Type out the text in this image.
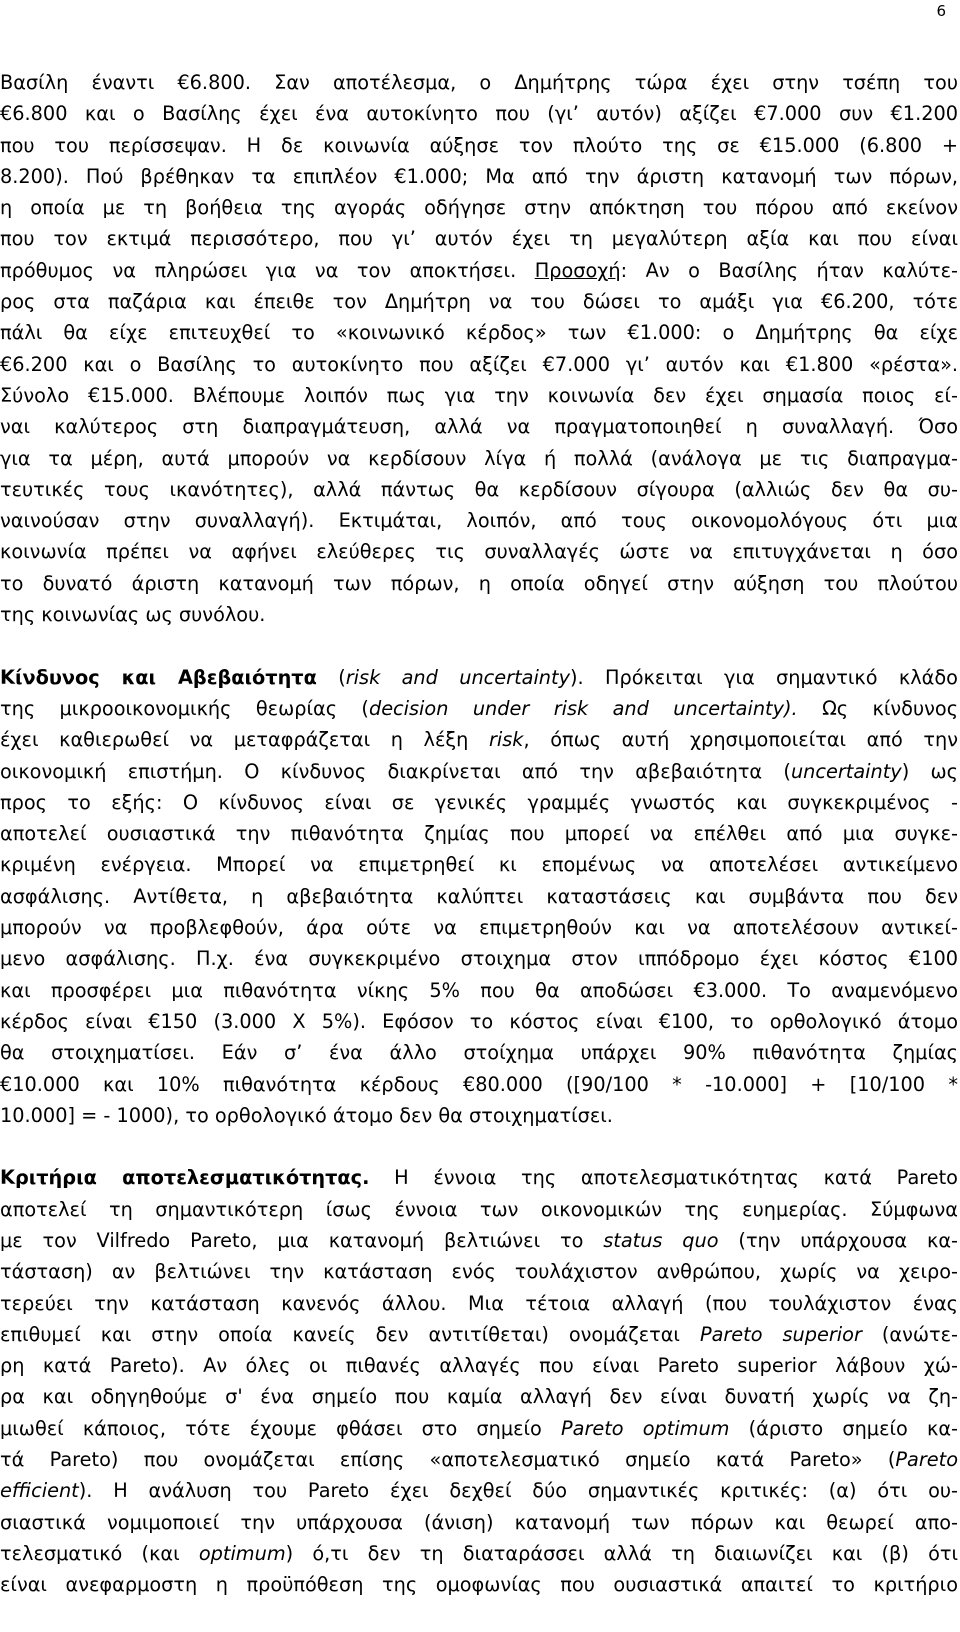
6
Βασίλη έναντι €6.800. Σαν αποτέλεσμα, ο Δημήτρης τώρα έχει στην τσέπη του
€6.800 και ο Βασίλης έχει ένα αυτοκίνητο που (γι’ αυτόν) αξίζει €7.000 συν €1.200
που του περίσσεψαν. Η δε κοινωνία αύξησε τον πλούτο της σε €15.000 (6.800 +
8.200). Πού βρέθηκαν τα επιπλέον €1.000; Μα από την άριστη κατανομή των πόρων,
η οποία με τη βοήθεια της αγοράς οδήγησε στην απόκτηση του πόρου από εκείνον
που τον εκτιμά περισσότερο, που γι’ αυτόν έχει τη μεγαλύτερη αξία και που είναι
πρόθυμος να πληρώσει για να τον αποκτήσει. Προσοχή: Αν ο Βασίλης ήταν καλύτε-
ρος στα παζάρια και έπειθε τον Δημήτρη να του δώσει το αμάξι για €6.200, τότε
πάλι θα είχε επιτευχθεί το «κοινωνικό κέρδος» των €1.000: ο Δημήτρης θα είχε
€6.200 και ο Βασίλης το αυτοκίνητο που αξίζει €7.000 γι’ αυτόν και €1.800 «ρέστα».
Σύνολο €15.000. Βλέπουμε λοιπόν πως για την κοινωνία δεν έχει σημασία ποιος εί-
ναι καλύτερος στη διαπραγμάτευση, αλλά να πραγματοποιηθεί η συναλλαγή. Όσο
για τα μέρη, αυτά μπορούν να κερδίσουν λίγα ή πολλά (ανάλογα με τις διαπραγμα-
τευτικές τους ικανότητες), αλλά πάντως θα κερδίσουν σίγουρα (αλλιώς δεν θα συ-
ναινούσαν στην συναλλαγή). Εκτιμάται, λοιπόν, από τους οικονομολόγους ότι μια
κοινωνία πρέπει να αφήνει ελεύθερες τις συναλλαγές ώστε να επιτυγχάνεται η όσο
το δυνατό άριστη κατανομή των πόρων, η οποία οδηγεί στην αύξηση του πλούτου
της κοινωνίας ως συνόλου.
Κίνδυνος και Αβεβαιότητα (risk and uncertainty). Πρόκειται για σημαντικό κλάδο
της μικροοικονομικής θεωρίας (decision under risk and uncertainty). Ως κίνδυνος
έχει καθιερωθεί να μεταφράζεται η λέξη risk, όπως αυτή χρησιμοποιείται από την
οικονομική επιστήμη. Ο κίνδυνος διακρίνεται από την αβεβαιότητα (uncertainty) ως
προς το εξής: Ο κίνδυνος είναι σε γενικές γραμμές γνωστός και συγκεκριμένος -
αποτελεί ουσιαστικά την πιθανότητα ζημίας που μπορεί να επέλθει από μια συγκε-
κριμένη ενέργεια. Μπορεί να επιμετρηθεί κι επομένως να αποτελέσει αντικείμενο
ασφάλισης. Αντίθετα, η αβεβαιότητα καλύπτει καταστάσεις και συμβάντα που δεν
μπορούν να προβλεφθούν, άρα ούτε να επιμετρηθούν και να αποτελέσουν αντικεί-
μενο ασφάλισης. Π.χ. ένα συγκεκριμένο στοιχημα στον ιππόδρομο έχει κόστος €100
και προσφέρει μια πιθανότητα νίκης 5% που θα αποδώσει €3.000. Το αναμενόμενο
κέρδος είναι €150 (3.000 Χ 5%). Εφόσον το κόστος είναι €100, το ορθολογικό άτομο
θα στοιχηματίσει. Εάν σ’ ένα άλλο στοίχημα υπάρχει 90% πιθανότητα ζημίας
€10.000 και 10% πιθανότητα κέρδους €80.000 ([90/100 * -10.000] + [10/100 *
10.000] = - 1000), το ορθολογικό άτομο δεν θα στοιχηματίσει.
Κριτήρια αποτελεσματικότητας. Η έννοια της αποτελεσματικότητας κατά Pareto
αποτελεί τη σημαντικότερη ίσως έννοια των οικονομικών της ευημερίας. Σύμφωνα
με τον Vilfredo Pareto, μια κατανομή βελτιώνει το status quo (την υπάρχουσα κα-
τάσταση) αν βελτιώνει την κατάσταση ενός τουλάχιστον ανθρώπου, χωρίς να χειρο-
τερεύει την κατάσταση κανενός άλλου. Μια τέτοια αλλαγή (που τουλάχιστον ένας
επιθυμεί και στην οποία κανείς δεν αντιτίθεται) ονομάζεται Pareto superior (ανώτε-
ρη κατά Pareto). Αν όλες οι πιθανές αλλαγές που είναι Pareto superior λάβουν χώ-
ρα και οδηγηθούμε σ' ένα σημείο που καμία αλλαγή δεν είναι δυνατή χωρίς να ζη-
μιωθεί κάποιος, τότε έχουμε φθάσει στο σημείο Pareto optimum (άριστο σημείο κα-
τά Pareto) που ονομάζεται επίσης «αποτελεσματικό σημείο κατά Pareto» (Pareto
efficient). Η ανάλυση του Pareto έχει δεχθεί δύο σημαντικές κριτικές: (α) ότι ου-
σιαστικά νομιμοποιεί την υπάρχουσα (άνιση) κατανομή των πόρων και θεωρεί απο-
τελεσματικό (και optimum) ό,τι δεν τη διαταράσσει αλλά τη διαιωνίζει και (β) ότι
είναι ανεφαρμοστη η προϋπόθεση της ομοφωνίας που ουσιαστικά απαιτεί το κριτήριο
